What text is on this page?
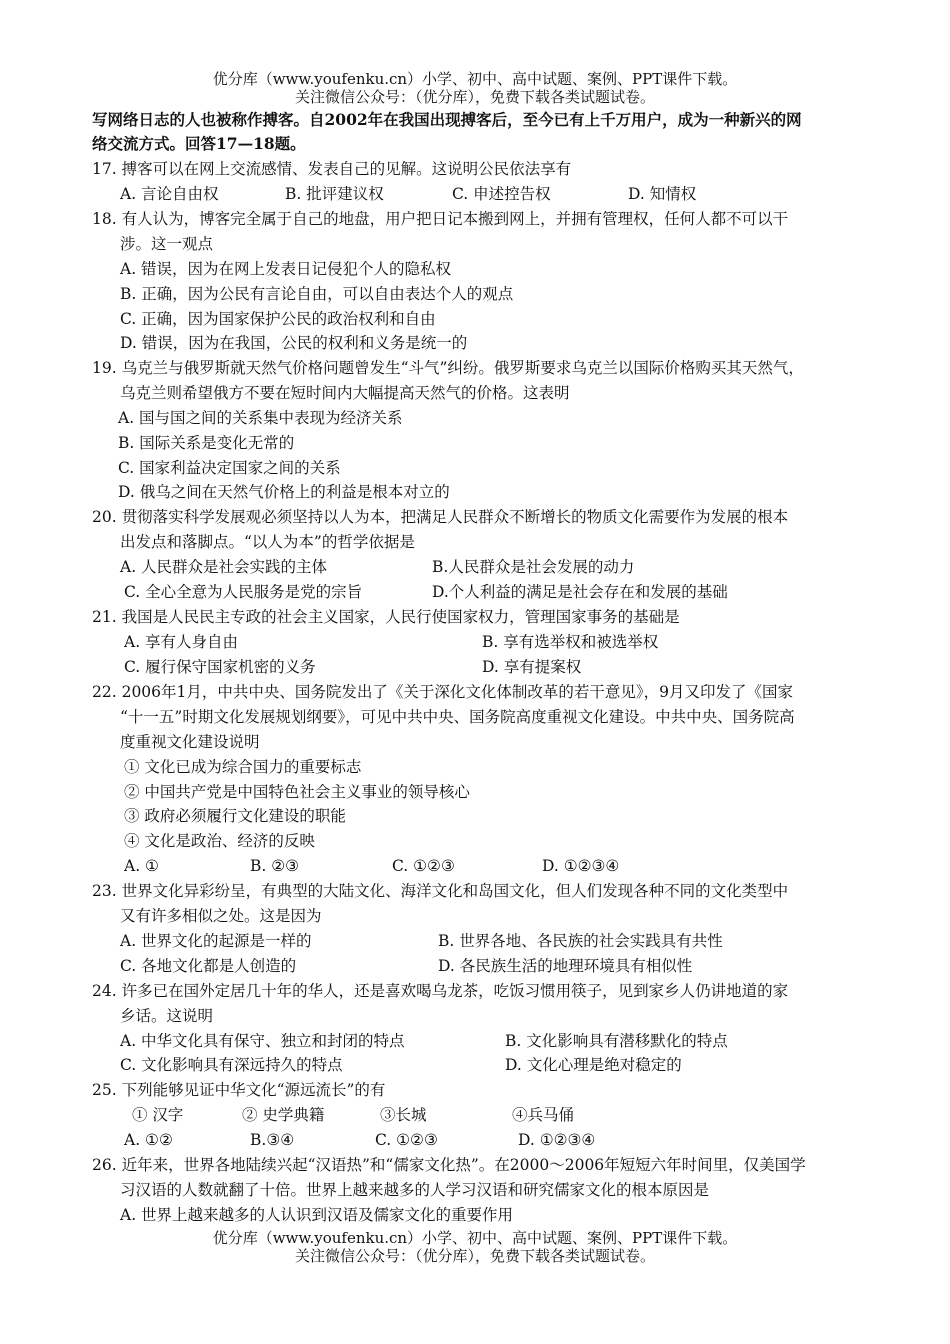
优分库（www.youfenku.cn）小学、初中、高中试题、案例、PPT课件下载。
关注微信公众号：（优分库），免费下载各类试题试卷。
写网络日志的人也被称作搏客。自2002年在我国出现搏客后，至今已有上千万用户，成为一种新兴的网
络交流方式。回答17—18题。
17. 搏客可以在网上交流感情、发表自己的见解。这说明公民依法享有
A. 言论自由权	B. 批评建议权	C. 申述控告权	D. 知情权
18. 有人认为，博客完全属于自己的地盘，用户把日记本搬到网上，并拥有管理权，任何人都不可以干
涉。这一观点
A. 错误，因为在网上发表日记侵犯个人的隐私权
B. 正确，因为公民有言论自由，可以自由表达个人的观点
C. 正确，因为国家保护公民的政治权利和自由
D. 错误，因为在我国，公民的权利和义务是统一的
19. 乌克兰与俄罗斯就天然气价格问题曾发生“斗气”纠纷。俄罗斯要求乌克兰以国际价格购买其天然气，
乌克兰则希望俄方不要在短时间内大幅提高天然气的价格。这表明
A. 国与国之间的关系集中表现为经济关系
B. 国际关系是变化无常的
C. 国家利益决定国家之间的关系
D. 俄乌之间在天然气价格上的利益是根本对立的
20. 贯彻落实科学发展观必须坚持以人为本，把满足人民群众不断增长的物质文化需要作为发展的根本
出发点和落脚点。“以人为本”的哲学依据是
A. 人民群众是社会实践的主体	B.人民群众是社会发展的动力
C. 全心全意为人民服务是党的宗旨	D.个人利益的满足是社会存在和发展的基础
21. 我国是人民民主专政的社会主义国家，人民行使国家权力，管理国家事务的基础是
A. 享有人身自由	B. 享有选举权和被选举权
C. 履行保守国家机密的义务	D. 享有提案权
22. 2006年1月，中共中央、国务院发出了《关于深化文化体制改革的若干意见》，9月又印发了《国家
“十一五”时期文化发展规划纲要》，可见中共中央、国务院高度重视文化建设。中共中央、国务院高
度重视文化建设说明
① 文化已成为综合国力的重要标志
② 中国共产党是中国特色社会主义事业的领导核心
③ 政府必须履行文化建设的职能
④ 文化是政治、经济的反映
A. ①	B. ②③	C. ①②③	D. ①②③④
23. 世界文化异彩纷呈，有典型的大陆文化、海洋文化和岛国文化，但人们发现各种不同的文化类型中
又有许多相似之处。这是因为
A. 世界文化的起源是一样的	B. 世界各地、各民族的社会实践具有共性
C. 各地文化都是人创造的	D. 各民族生活的地理环境具有相似性
24. 许多已在国外定居几十年的华人，还是喜欢喝乌龙茶，吃饭习惯用筷子，见到家乡人仍讲地道的家
乡话。这说明
A. 中华文化具有保守、独立和封闭的特点	B. 文化影响具有潜移默化的特点
C. 文化影响具有深远持久的特点	D. 文化心理是绝对稳定的
25. 下列能够见证中华文化“源远流长”的有
① 汉字	② 史学典籍	③长城	④兵马俑
A. ①②	B.③④	C. ①②③	D. ①②③④
26. 近年来，世界各地陆续兴起“汉语热”和“儒家文化热”。在2000～2006年短短六年时间里，仅美国学
习汉语的人数就翻了十倍。世界上越来越多的人学习汉语和研究儒家文化的根本原因是
A. 世界上越来越多的人认识到汉语及儒家文化的重要作用
优分库（www.youfenku.cn）小学、初中、高中试题、案例、PPT课件下载。
关注微信公众号：（优分库），免费下载各类试题试卷。
